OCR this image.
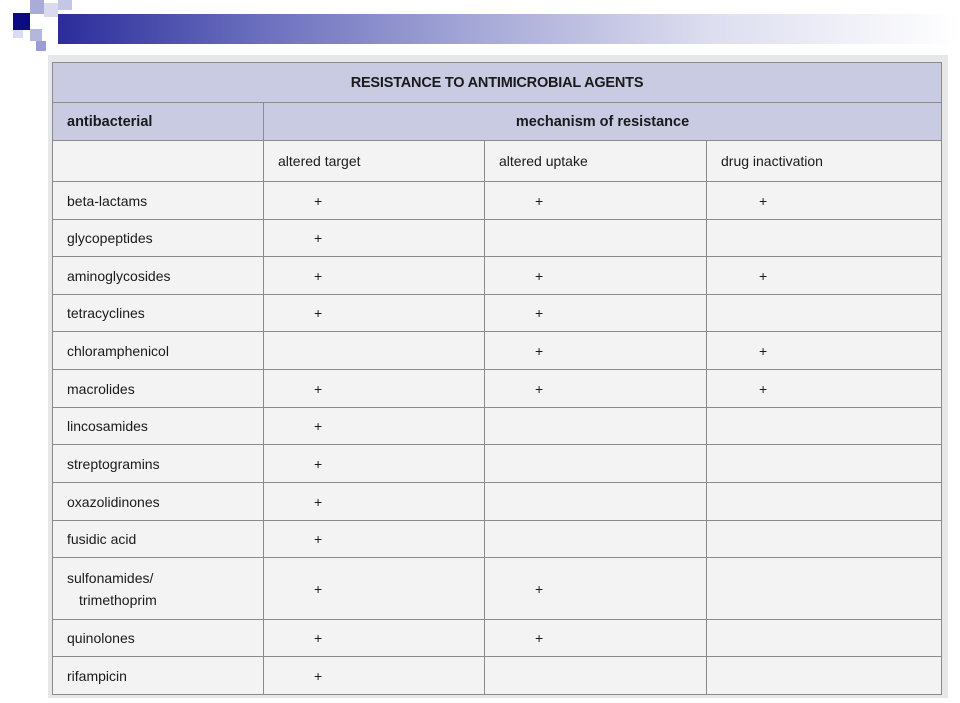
RESISTANCE TO ANTIMICROBIAL AGENTS			
antibacterial	mechanism of resistance		
	altered target	altered uptake	drug inactivation
beta-lactams	+	+	+
glycopeptides	+		
aminoglycosides	+	+	+
tetracyclines	+	+	
chloramphenicol		+	+
macrolides	+	+	+
lincosamides	+		
streptogramins	+		
oxazolidinones	+		
fusidic acid	+		

sulfonamides/
trimethoprim	+	+	
quinolones	+	+	
rifampicin	+		
